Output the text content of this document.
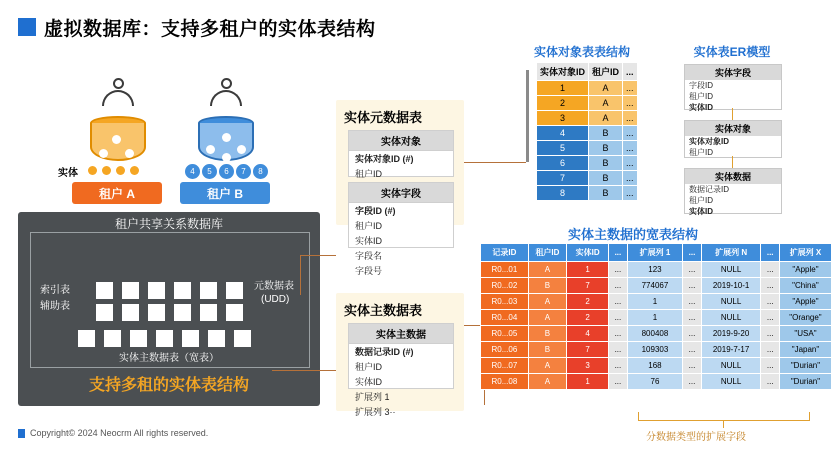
虚拟数据库：支持多租户的实体表结构
实体
租户 A
4	5	6	7	8
租户 B
租户共享关系数据库
索引表
辅助表
元数据表
(UDD)
实体主数据表（宽表）
支持多租的实体表结构
实体元数据表
实体对象
实体对象ID (#)
租户ID
实体字段
字段ID (#)
租户ID
实体ID
字段名
字段号
实体主数据表
实体主数据
数据记录ID (#)
租户ID
实体ID
扩展列 1
扩展列 3··
实体对象表表结构
实体对象ID	租户ID	...
1	A	...
2	A	...
3	A	...
4	B	...
5	B	...
6	B	...
7	B	...
8	B	...
实体表ER模型
实体字段
字段ID
租户ID
实体ID
实体对象
实体对象ID
租户ID
实体数据
数据记录ID
租户ID
实体ID
实体主数据的宽表结构
记录ID	租户ID	实体ID	...	扩展列 1	...	扩展列 N	...	扩展列 X
R0...01	A	1	...	123	...	NULL	...	"Apple"
R0...02	B	7	...	774067	...	2019-10-1	...	"China"
R0...03	A	2	...	1	...	NULL	...	"Apple"
R0...04	A	2	...	1	...	NULL	...	"Orange"
R0...05	B	4	...	800408	...	2019-9-20	...	"USA"
R0...06	B	7	...	109303	...	2019-7-17	...	"Japan"
R0...07	A	3	...	168	...	NULL	...	"Durian"
R0...08	A	1	...	76	...	NULL	...	"Durian"
分数据类型的扩展字段
Copyright© 2024 Neocrm All rights reserved.
